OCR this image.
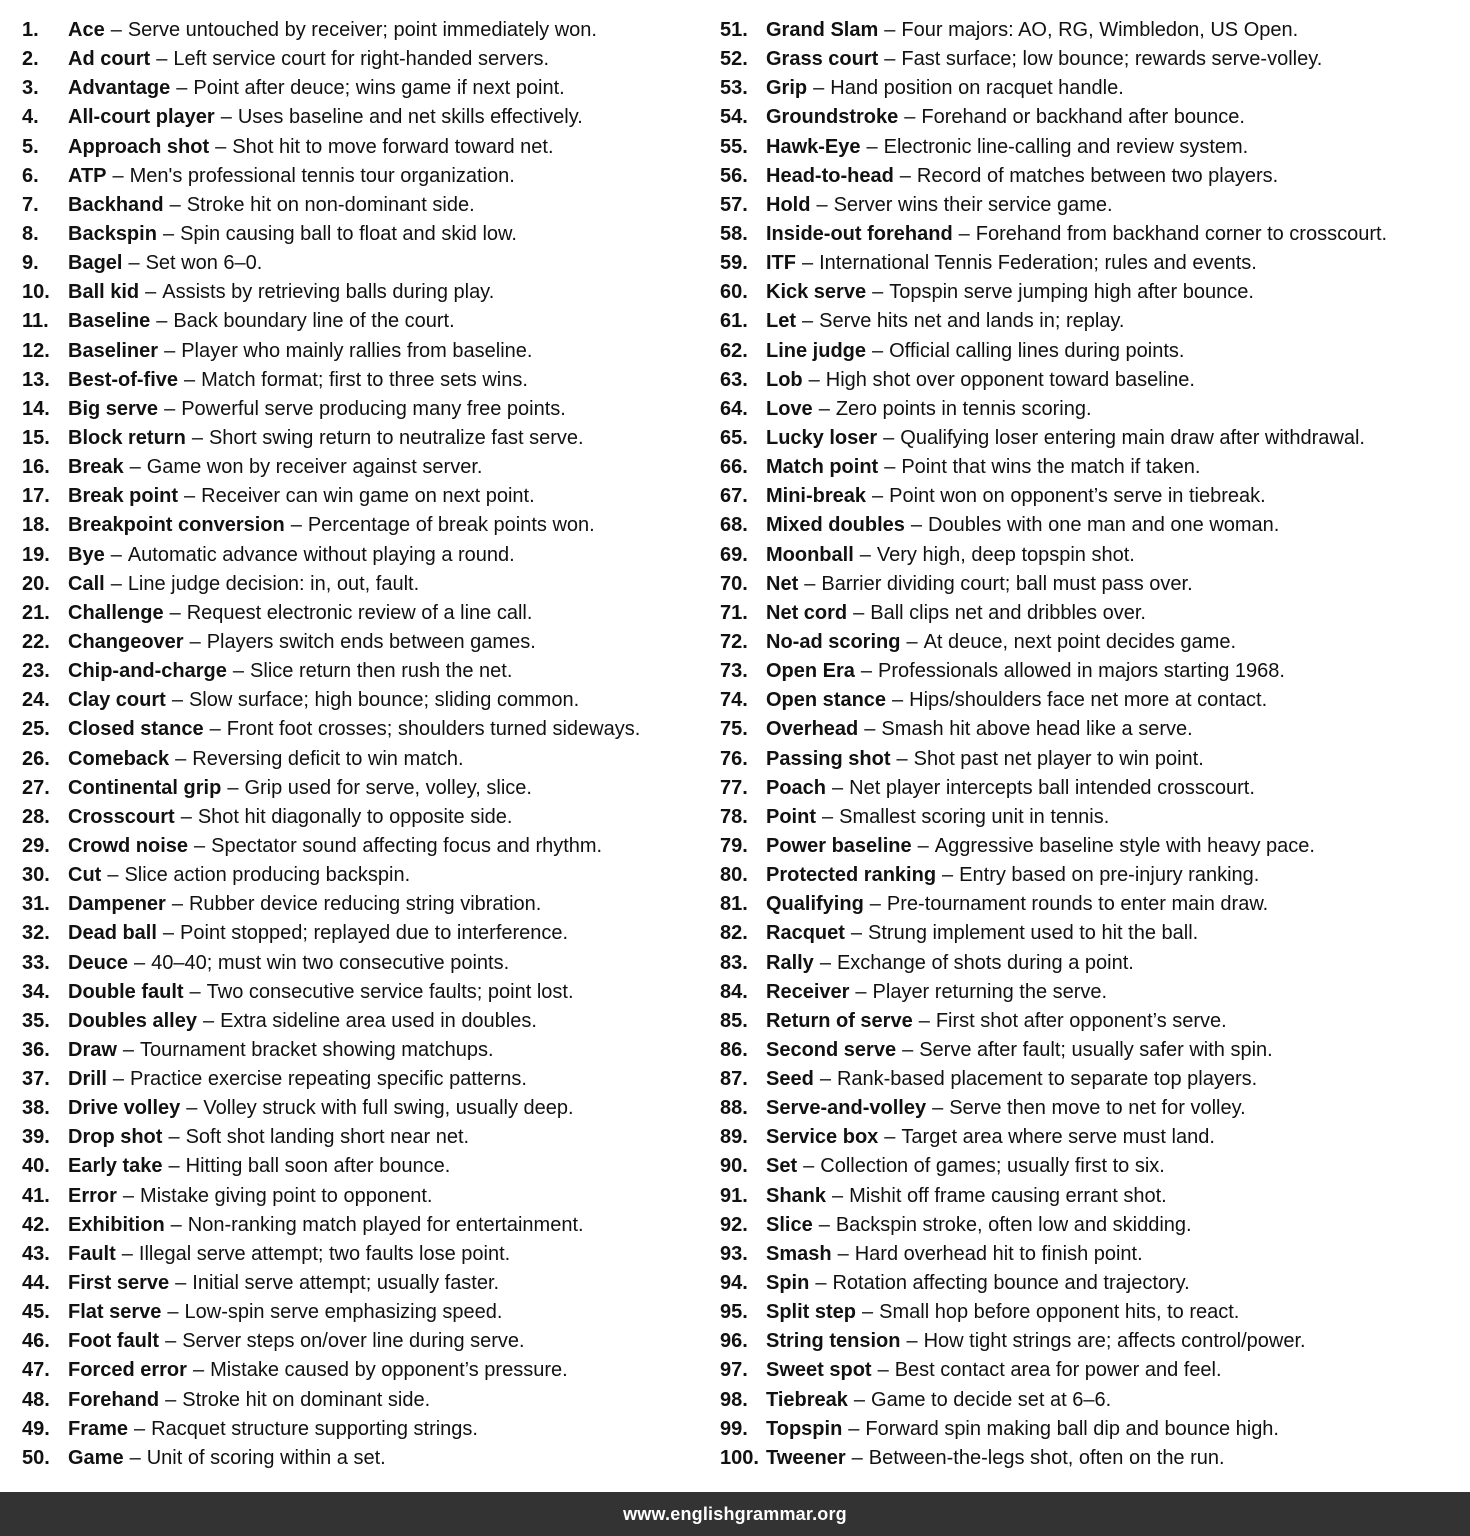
1.	Ace – Serve untouched by receiver; point immediately won.
2.	Ad court – Left service court for right-handed servers.
3.	Advantage – Point after deuce; wins game if next point.
4.	All-court player – Uses baseline and net skills effectively.
5.	Approach shot – Shot hit to move forward toward net.
6.	ATP – Men's professional tennis tour organization.
7.	Backhand – Stroke hit on non-dominant side.
8.	Backspin – Spin causing ball to float and skid low.
9.	Bagel – Set won 6–0.
10. Ball kid – Assists by retrieving balls during play.
11. Baseline – Back boundary line of the court.
12. Baseliner – Player who mainly rallies from baseline.
13. Best-of-five – Match format; first to three sets wins.
14. Big serve – Powerful serve producing many free points.
15. Block return – Short swing return to neutralize fast serve.
16. Break – Game won by receiver against server.
17. Break point – Receiver can win game on next point.
18. Breakpoint conversion – Percentage of break points won.
19. Bye – Automatic advance without playing a round.
20. Call – Line judge decision: in, out, fault.
21. Challenge – Request electronic review of a line call.
22. Changeover – Players switch ends between games.
23. Chip-and-charge – Slice return then rush the net.
24. Clay court – Slow surface; high bounce; sliding common.
25. Closed stance – Front foot crosses; shoulders turned sideways.
26. Comeback – Reversing deficit to win match.
27. Continental grip – Grip used for serve, volley, slice.
28. Crosscourt – Shot hit diagonally to opposite side.
29. Crowd noise – Spectator sound affecting focus and rhythm.
30. Cut – Slice action producing backspin.
31. Dampener – Rubber device reducing string vibration.
32. Dead ball – Point stopped; replayed due to interference.
33. Deuce – 40–40; must win two consecutive points.
34. Double fault – Two consecutive service faults; point lost.
35. Doubles alley – Extra sideline area used in doubles.
36. Draw – Tournament bracket showing matchups.
37. Drill – Practice exercise repeating specific patterns.
38. Drive volley – Volley struck with full swing, usually deep.
39. Drop shot – Soft shot landing short near net.
40. Early take – Hitting ball soon after bounce.
41. Error – Mistake giving point to opponent.
42. Exhibition – Non-ranking match played for entertainment.
43. Fault – Illegal serve attempt; two faults lose point.
44. First serve – Initial serve attempt; usually faster.
45. Flat serve – Low-spin serve emphasizing speed.
46. Foot fault – Server steps on/over line during serve.
47. Forced error – Mistake caused by opponent’s pressure.
48. Forehand – Stroke hit on dominant side.
49. Frame – Racquet structure supporting strings.
50. Game – Unit of scoring within a set.
51. Grand Slam – Four majors: AO, RG, Wimbledon, US Open.
52. Grass court – Fast surface; low bounce; rewards serve-volley.
53. Grip – Hand position on racquet handle.
54. Groundstroke – Forehand or backhand after bounce.
55. Hawk-Eye – Electronic line-calling and review system.
56. Head-to-head – Record of matches between two players.
57. Hold – Server wins their service game.
58. Inside-out forehand – Forehand from backhand corner to crosscourt.
59. ITF – International Tennis Federation; rules and events.
60. Kick serve – Topspin serve jumping high after bounce.
61. Let – Serve hits net and lands in; replay.
62. Line judge – Official calling lines during points.
63. Lob – High shot over opponent toward baseline.
64. Love – Zero points in tennis scoring.
65. Lucky loser – Qualifying loser entering main draw after withdrawal.
66. Match point – Point that wins the match if taken.
67. Mini-break – Point won on opponent’s serve in tiebreak.
68. Mixed doubles – Doubles with one man and one woman.
69. Moonball – Very high, deep topspin shot.
70. Net – Barrier dividing court; ball must pass over.
71. Net cord – Ball clips net and dribbles over.
72. No-ad scoring – At deuce, next point decides game.
73. Open Era – Professionals allowed in majors starting 1968.
74. Open stance – Hips/shoulders face net more at contact.
75. Overhead – Smash hit above head like a serve.
76. Passing shot – Shot past net player to win point.
77. Poach – Net player intercepts ball intended crosscourt.
78. Point – Smallest scoring unit in tennis.
79. Power baseline – Aggressive baseline style with heavy pace.
80. Protected ranking – Entry based on pre-injury ranking.
81. Qualifying – Pre-tournament rounds to enter main draw.
82. Racquet – Strung implement used to hit the ball.
83. Rally – Exchange of shots during a point.
84. Receiver – Player returning the serve.
85. Return of serve – First shot after opponent’s serve.
86. Second serve – Serve after fault; usually safer with spin.
87. Seed – Rank-based placement to separate top players.
88. Serve-and-volley – Serve then move to net for volley.
89. Service box – Target area where serve must land.
90. Set – Collection of games; usually first to six.
91. Shank – Mishit off frame causing errant shot.
92. Slice – Backspin stroke, often low and skidding.
93. Smash – Hard overhead hit to finish point.
94. Spin – Rotation affecting bounce and trajectory.
95. Split step – Small hop before opponent hits, to react.
96. String tension – How tight strings are; affects control/power.
97. Sweet spot – Best contact area for power and feel.
98. Tiebreak – Game to decide set at 6–6.
99. Topspin – Forward spin making ball dip and bounce high.
100. Tweener – Between-the-legs shot, often on the run.
www.englishgrammar.org
